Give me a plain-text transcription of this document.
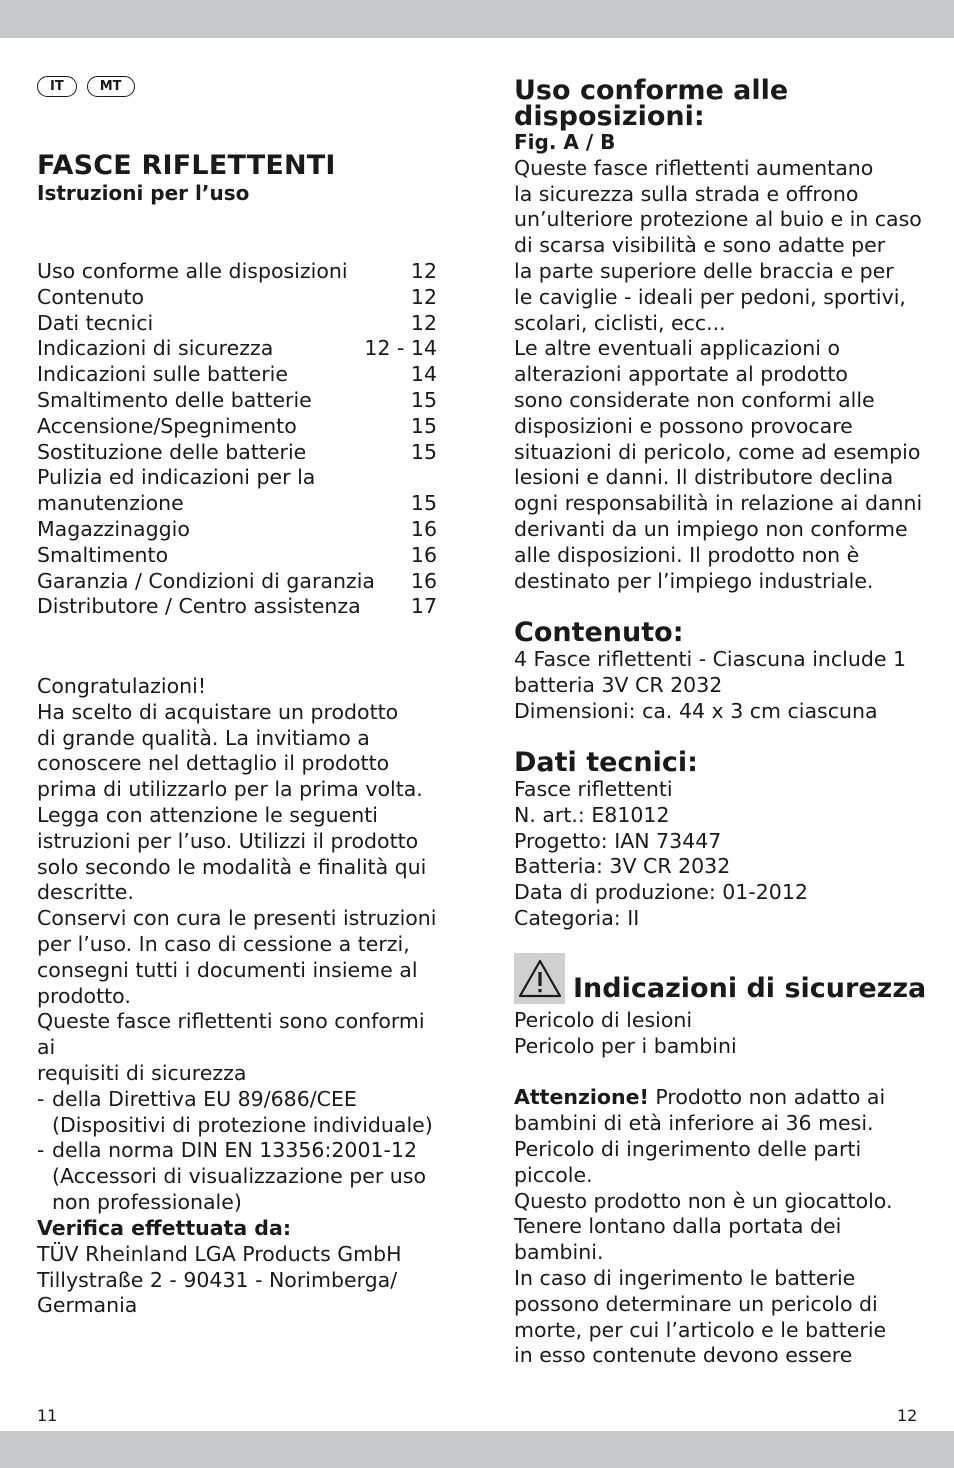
IT	MT
FASCE RIFLETTENTI

Istruzioni per l’uso

Uso conforme alle disposizioni	12
Contenuto	12
Dati tecnici	12
Indicazioni di sicurezza	12 - 14
Indicazioni sulle batterie	14
Smaltimento delle batterie	15
Accensione/Spegnimento	15
Sostituzione delle batterie	15
Pulizia ed indicazioni per la
manutenzione	15
Magazzinaggio	16
Smaltimento	16
Garanzia / Condizioni di garanzia 16
Distributore / Centro assistenza 17

Congratulazioni!

Ha scelto di acquistare un prodotto

di grande qualità. La invitiamo a

conoscere nel dettaglio il prodotto

prima di utilizzarlo per la prima volta.

Legga con attenzione le seguenti

istruzioni per l’uso. Utilizzi il prodotto

solo secondo le modalità e finalità qui

descritte.

Conservi con cura le presenti istruzioni

per l’uso. In caso di cessione a terzi,

consegni tutti i documenti insieme al

prodotto.

Queste fasce riflettenti sono conformi ai

requisiti di sicurezza

- della Direttiva EU 89/686/CEE

(Dispositivi di protezione individuale)

- della norma DIN EN 13356:2001-12

(Accessori di visualizzazione per uso

non professionale)

Verifica effettuata da:

TÜV Rheinland LGA Products GmbH

Tillystraße 2 - 90431 - Norimberga/

Germania

Uso conforme alle
disposizioni:
Fig. A / B

Queste fasce riflettenti aumentano

la sicurezza sulla strada e offrono

un’ulteriore protezione al buio e in caso

di scarsa visibilità e sono adatte per

la parte superiore delle braccia e per

le caviglie - ideali per pedoni, sportivi,

scolari, ciclisti, ecc...

Le altre eventuali applicazioni o

alterazioni apportate al prodotto

sono considerate non conformi alle

disposizioni e possono provocare

situazioni di pericolo, come ad esempio

lesioni e danni. Il distributore declina

ogni responsabilità in relazione ai danni

derivanti da un impiego non conforme

alle disposizioni. Il prodotto non è

destinato per l’impiego industriale.

Contenuto:

4 Fasce riflettenti - Ciascuna include 1

batteria 3V CR 2032

Dimensioni: ca. 44 x 3 cm ciascuna

Dati tecnici:

Fasce riflettenti

N. art.: E81012

Progetto: IAN 73447

Batteria: 3V CR 2032

Data di produzione: 01-2012

Categoria: II

Indicazioni di sicurezza

Pericolo di lesioni

Pericolo per i bambini

Attenzione! Prodotto non adatto ai

bambini di età inferiore ai 36 mesi.

Pericolo di ingerimento delle parti

piccole.

Questo prodotto non è un giocattolo.

Tenere lontano dalla portata dei

bambini.

In caso di ingerimento le batterie

possono determinare un pericolo di

morte, per cui l’articolo e le batterie

in esso contenute devono essere

11	12
